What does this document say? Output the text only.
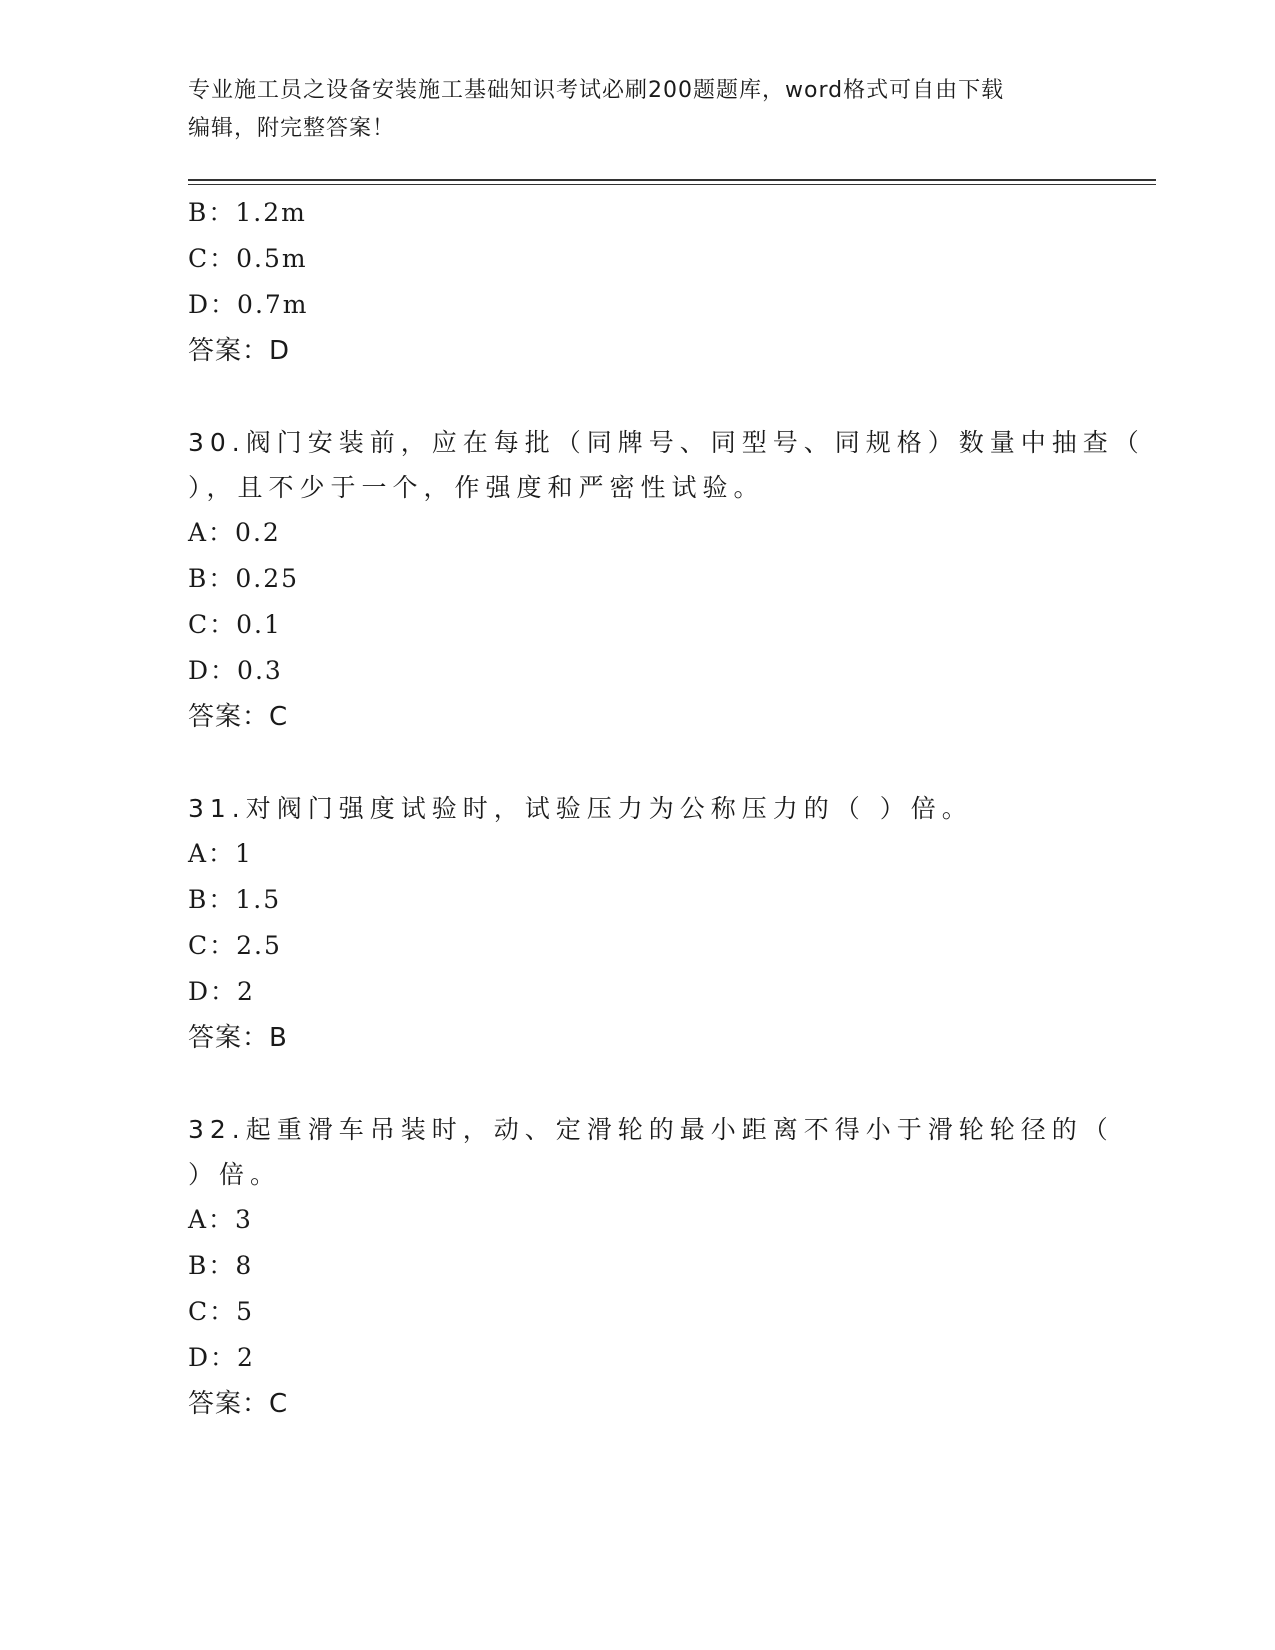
专业施工员之设备安装施工基础知识考试必刷200题题库，word格式可自由下载
编辑，附完整答案！
B：1.2m
C：0.5m
D：0.7m
答案：D
30.阀门安装前，应在每批（同牌号、同型号、同规格）数量中抽查（
），且不少于一个，作强度和严密性试验。
A：0.2
B：0.25
C：0.1
D：0.3
答案：C
31.对阀门强度试验时，试验压力为公称压力的（ ）倍。
A：1
B：1.5
C：2.5
D：2
答案：B
32.起重滑车吊装时，动、定滑轮的最小距离不得小于滑轮轮径的（
）倍。
A：3
B：8
C：5
D：2
答案：C
